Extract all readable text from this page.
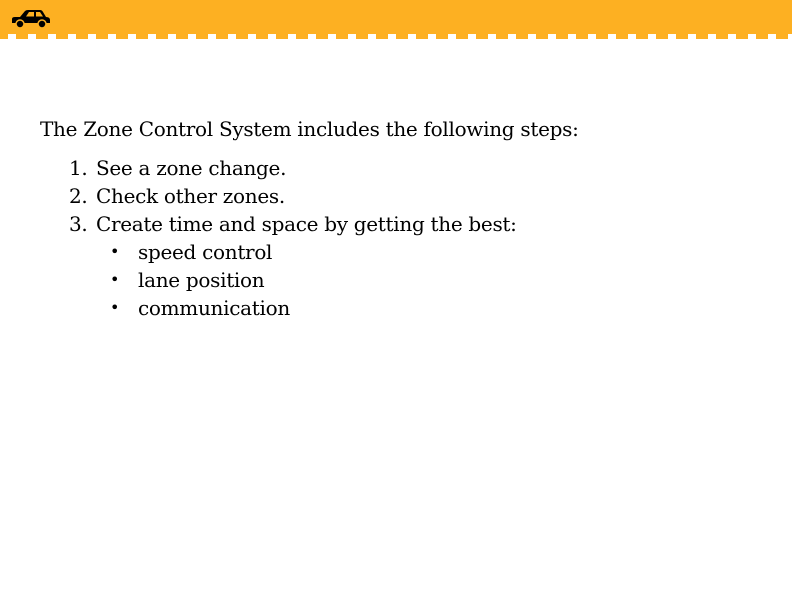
The Zone Control System includes the following steps:

1. See a zone change.
2. Check other zones.
3. Create time and space by getting the best:
• speed control
• lane position
• communication
